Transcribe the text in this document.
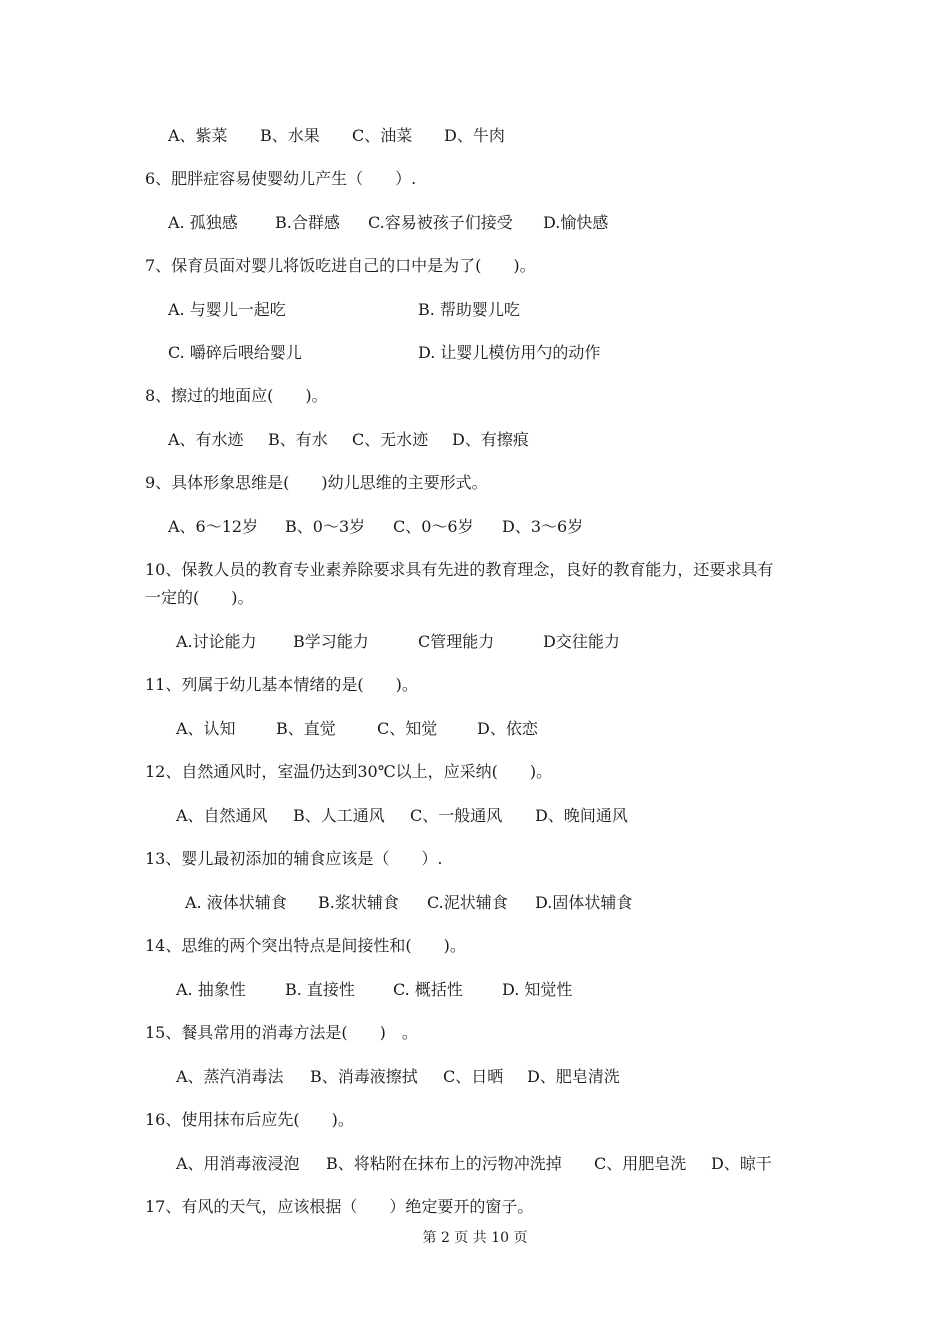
A、紫菜 B、水果 C、油菜 D、牛肉
6、肥胖症容易使婴幼儿产生（　　）.
A. 孤独感 B.合群感 C.容易被孩子们接受 D.愉快感
7、保育员面对婴儿将饭吃进自己的口中是为了(　　)。
A. 与婴儿一起吃	B. 帮助婴儿吃
C. 嚼碎后喂给婴儿	D. 让婴儿模仿用勺的动作
8、擦过的地面应(　　)。
A、有水迹 B、有水 C、无水迹 D、有擦痕
9、具体形象思维是(　　)幼儿思维的主要形式。
A、6～12岁 B、0～3岁 C、0～6岁 D、3～6岁
10、保教人员的教育专业素养除要求具有先进的教育理念，良好的教育能力，还要求具有
一定的(　　)。
A.讨论能力 B学习能力	C管理能力	D交往能力
11、列属于幼儿基本情绪的是(　　)。
A、认知	B、直觉	C、知觉 D、依恋
12、自然通风时，室温仍达到30℃以上，应采纳(　　)。
A、自然通风 B、人工通风 C、一般通风 D、晚间通风
13、婴儿最初添加的辅食应该是（　　）.
A. 液体状辅食 B.浆状辅食 C.泥状辅食 D.固体状辅食
14、思维的两个突出特点是间接性和(　　)。
A. 抽象性 B. 直接性 C. 概括性 D. 知觉性
15、餐具常用的消毒方法是(　　)　。
A、蒸汽消毒法 B、消毒液擦拭 C、日晒 D、肥皂清洗
16、使用抹布后应先(　　)。
A、用消毒液浸泡 B、将粘附在抹布上的污物冲洗掉 C、用肥皂洗 D、晾干
17、有风的天气，应该根据（　　）绝定要开的窗子。
第 2 页 共 10 页
